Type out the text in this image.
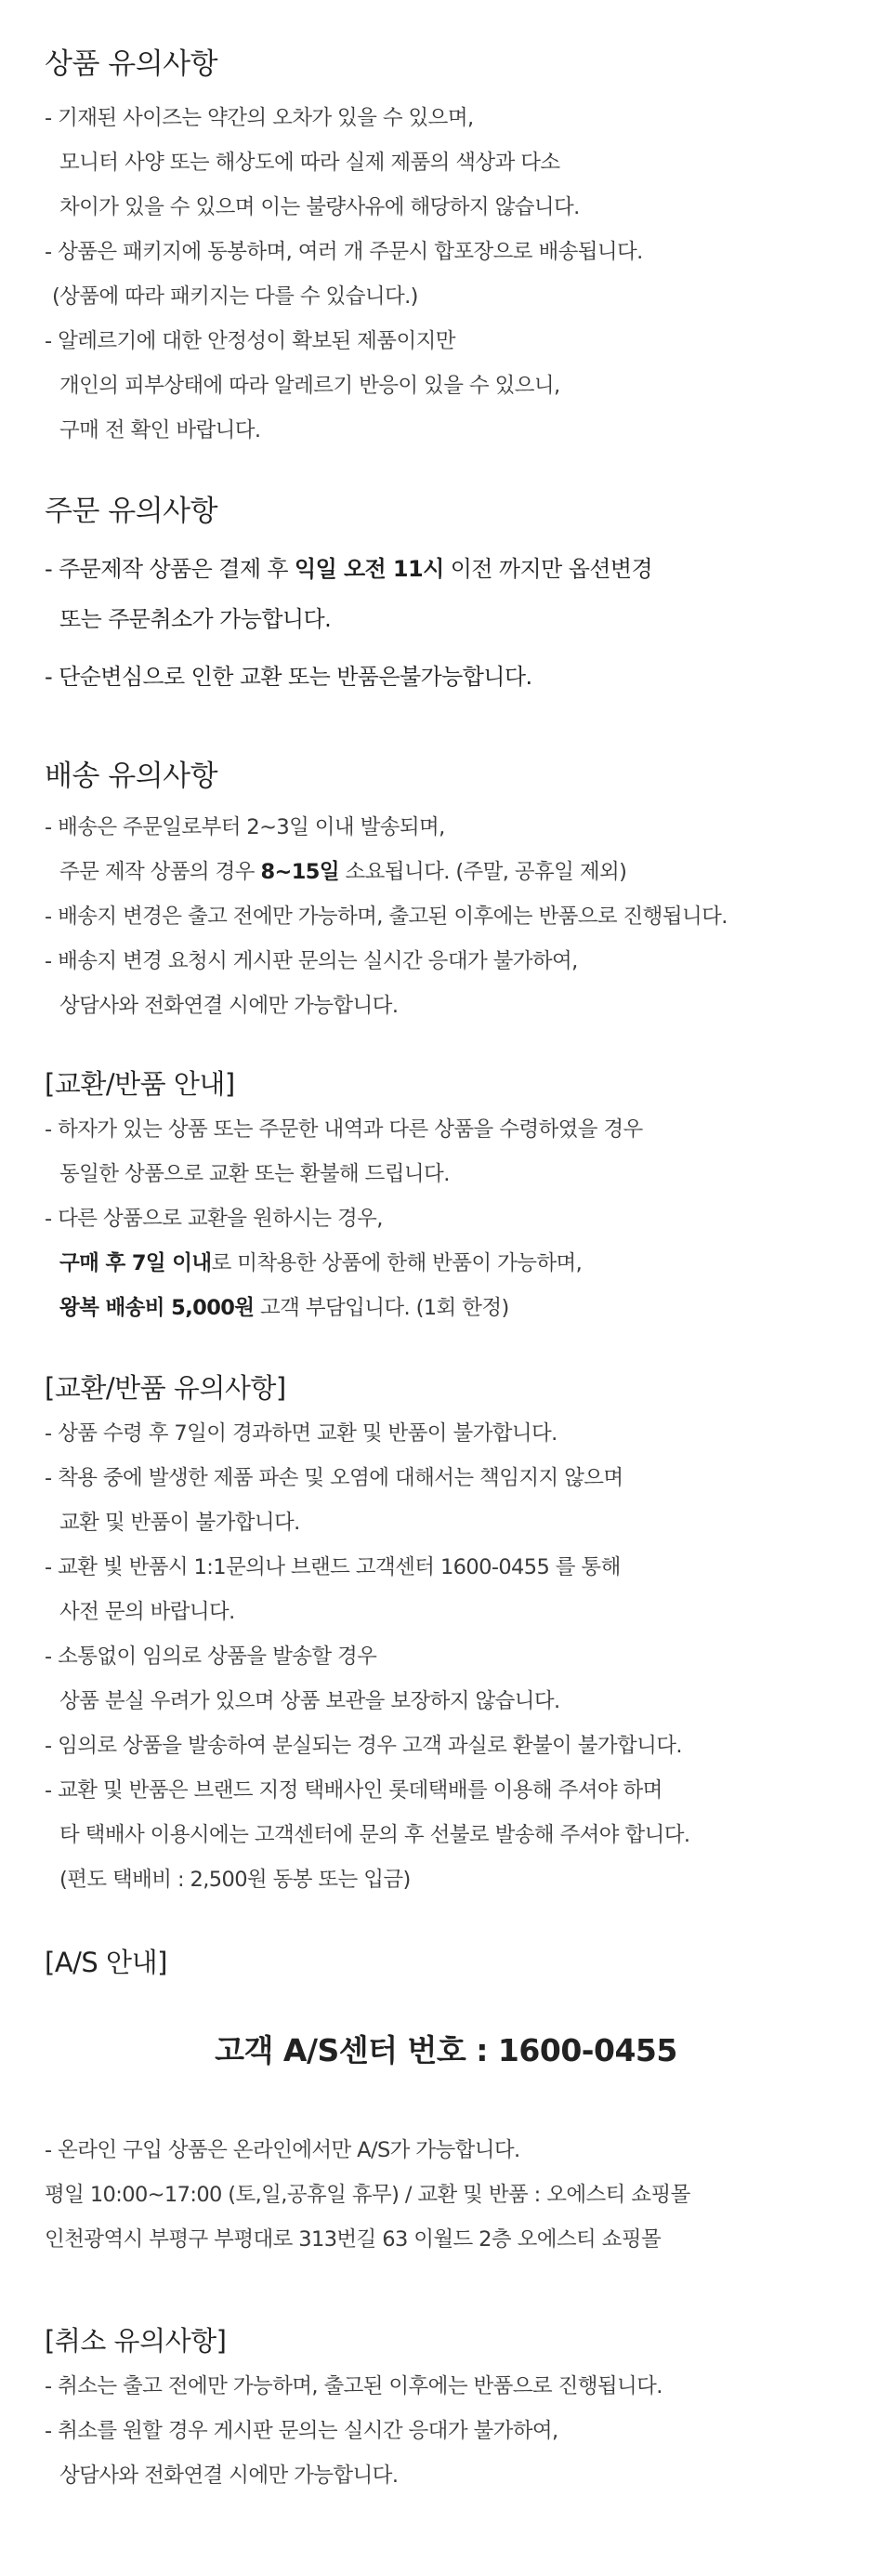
상품 유의사항
- 기재된 사이즈는 약간의 오차가 있을 수 있으며,
모니터 사양 또는 해상도에 따라 실제 제품의 색상과 다소
차이가 있을 수 있으며 이는 불량사유에 해당하지 않습니다.
- 상품은 패키지에 동봉하며, 여러 개 주문시 합포장으로 배송됩니다.
(상품에 따라 패키지는 다를 수 있습니다.)
- 알레르기에 대한 안정성이 확보된 제품이지만
개인의 피부상태에 따라 알레르기 반응이 있을 수 있으니,
구매 전 확인 바랍니다.
주문 유의사항
- 주문제작 상품은 결제 후 익일 오전 11시 이전 까지만 옵션변경
또는 주문취소가 가능합니다.
- 단순변심으로 인한 교환 또는 반품은불가능합니다.
배송 유의사항
- 배송은 주문일로부터 2~3일 이내 발송되며,
주문 제작 상품의 경우 8~15일 소요됩니다. (주말, 공휴일 제외)
- 배송지 변경은 출고 전에만 가능하며, 출고된 이후에는 반품으로 진행됩니다.
- 배송지 변경 요청시 게시판 문의는 실시간 응대가 불가하여,
상담사와 전화연결 시에만 가능합니다.
[교환/반품 안내]
- 하자가 있는 상품 또는 주문한 내역과 다른 상품을 수령하였을 경우
동일한 상품으로 교환 또는 환불해 드립니다.
- 다른 상품으로 교환을 원하시는 경우,
구매 후 7일 이내로 미착용한 상품에 한해 반품이 가능하며,
왕복 배송비 5,000원 고객 부담입니다. (1회 한정)
[교환/반품 유의사항]
- 상품 수령 후 7일이 경과하면 교환 및 반품이 불가합니다.
- 착용 중에 발생한 제품 파손 및 오염에 대해서는 책임지지 않으며
교환 및 반품이 불가합니다.
- 교환 빛 반품시 1:1문의나 브랜드 고객센터 1600-0455 를 통해
사전 문의 바랍니다.
- 소통없이 임의로 상품을 발송할 경우
상품 분실 우려가 있으며 상품 보관을 보장하지 않습니다.
- 임의로 상품을 발송하여 분실되는 경우 고객 과실로 환불이 불가합니다.
- 교환 및 반품은 브랜드 지정 택배사인 롯데택배를 이용해 주셔야 하며
타 택배사 이용시에는 고객센터에 문의 후 선불로 발송해 주셔야 합니다.
(편도 택배비 : 2,500원 동봉 또는 입금)
[A/S 안내]
고객 A/S센터 번호 : 1600-0455
- 온라인 구입 상품은 온라인에서만 A/S가 가능합니다.
평일 10:00~17:00 (토,일,공휴일 휴무) / 교환 및 반품 : 오에스티 쇼핑몰
인천광역시 부평구 부평대로 313번길 63 이월드 2층 오에스티 쇼핑몰
[취소 유의사항]
- 취소는 출고 전에만 가능하며, 출고된 이후에는 반품으로 진행됩니다.
- 취소를 원할 경우 게시판 문의는 실시간 응대가 불가하여,
상담사와 전화연결 시에만 가능합니다.
